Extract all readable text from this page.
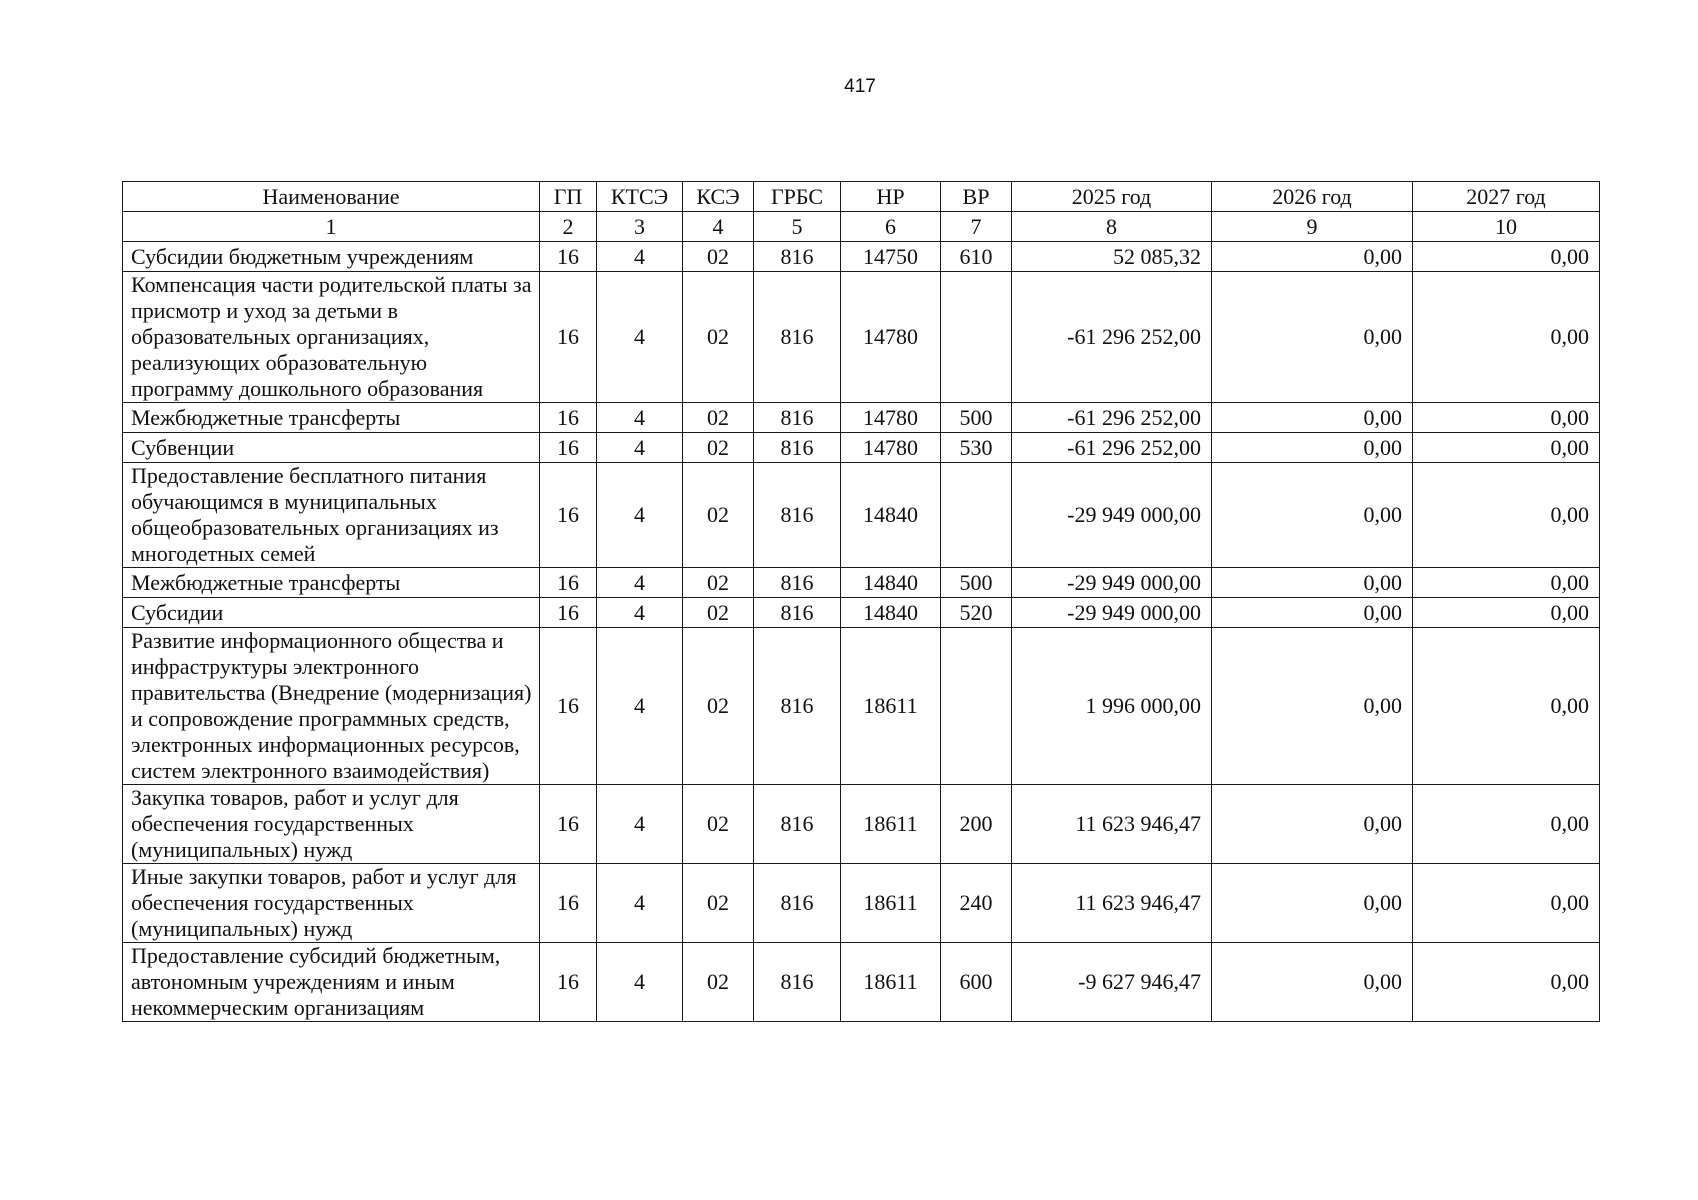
417
Наименование	ГП	КТСЭ	КСЭ	ГРБС	НР	ВР	2025 год	2026 год	2027 год
1	2	3	4	5	6	7	8	9	10
Субсидии бюджетным учреждениям	16	4	02	816	14750	610	52 085,32	0,00	0,00
Компенсация части родительской платы за присмотр и уход за детьми в образовательных организациях, реализующих образовательную программу дошкольного образования	16	4	02	816	14780		-61 296 252,00	0,00	0,00
Межбюджетные трансферты	16	4	02	816	14780	500	-61 296 252,00	0,00	0,00
Субвенции	16	4	02	816	14780	530	-61 296 252,00	0,00	0,00
Предоставление бесплатного питания обучающимся в муниципальных общеобразовательных организациях из многодетных семей	16	4	02	816	14840		-29 949 000,00	0,00	0,00
Межбюджетные трансферты	16	4	02	816	14840	500	-29 949 000,00	0,00	0,00
Субсидии	16	4	02	816	14840	520	-29 949 000,00	0,00	0,00
Развитие информационного общества и инфраструктуры электронного правительства (Внедрение (модернизация) и сопровождение программных средств, электронных информационных ресурсов, систем электронного взаимодействия)	16	4	02	816	18611		1 996 000,00	0,00	0,00
Закупка товаров, работ и услуг для обеспечения государственных (муниципальных) нужд	16	4	02	816	18611	200	11 623 946,47	0,00	0,00
Иные закупки товаров, работ и услуг для обеспечения государственных (муниципальных) нужд	16	4	02	816	18611	240	11 623 946,47	0,00	0,00
Предоставление субсидий бюджетным, автономным учреждениям и иным некоммерческим организациям	16	4	02	816	18611	600	-9 627 946,47	0,00	0,00
